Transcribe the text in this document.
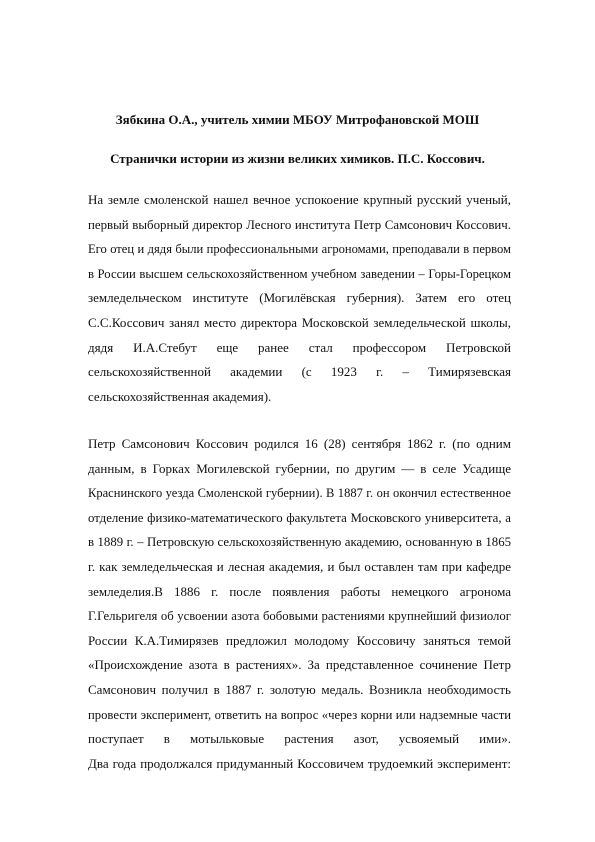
Зябкина О.А., учитель химии МБОУ Митрофановской МОШ
Странички истории из жизни великих химиков. П.С. Коссович.
На земле смоленской нашел вечное успокоение крупный русский ученый,
первый выборный директор Лесного института Петр Самсонович Коссович.
Его отец и дядя были профессиональными агрономами, преподавали в первом
в России высшем сельскохозяйственном учебном заведении – Горы-Горецком
земледельческом институте (Могилёвская губерния). Затем его отец
С.С.Коссович занял место директора Московской земледельческой школы,
дядя И.А.Стебут еще ранее стал профессором Петровской
сельскохозяйственной академии (с 1923 г. – Тимирязевская
сельскохозяйственная академия).
Петр Самсонович Коссович родился 16 (28) сентября 1862 г. (по одним
данным, в Горках Могилевской губернии, по другим — в селе Усадище
Краснинского уезда Смоленской губернии). В 1887 г. он окончил естественное
отделение физико-математического факультета Московского университета, а
в 1889 г. – Петровскую сельскохозяйственную академию, основанную в 1865
г. как земледельческая и лесная академия, и был оставлен там при кафедре
земледелия.В 1886 г. после появления работы немецкого агронома
Г.Гельригеля об усвоении азота бобовыми растениями крупнейший физиолог
России К.А.Тимирязев предложил молодому Коссовичу заняться темой
«Происхождение азота в растениях». За представленное сочинение Петр
Самсонович получил в 1887 г. золотую медаль. Возникла необходимость
провести эксперимент, ответить на вопрос «через корни или надземные части
поступает в мотыльковые растения азот, усвояемый ими».
Два года продолжался придуманный Коссовичем трудоемкий эксперимент:
